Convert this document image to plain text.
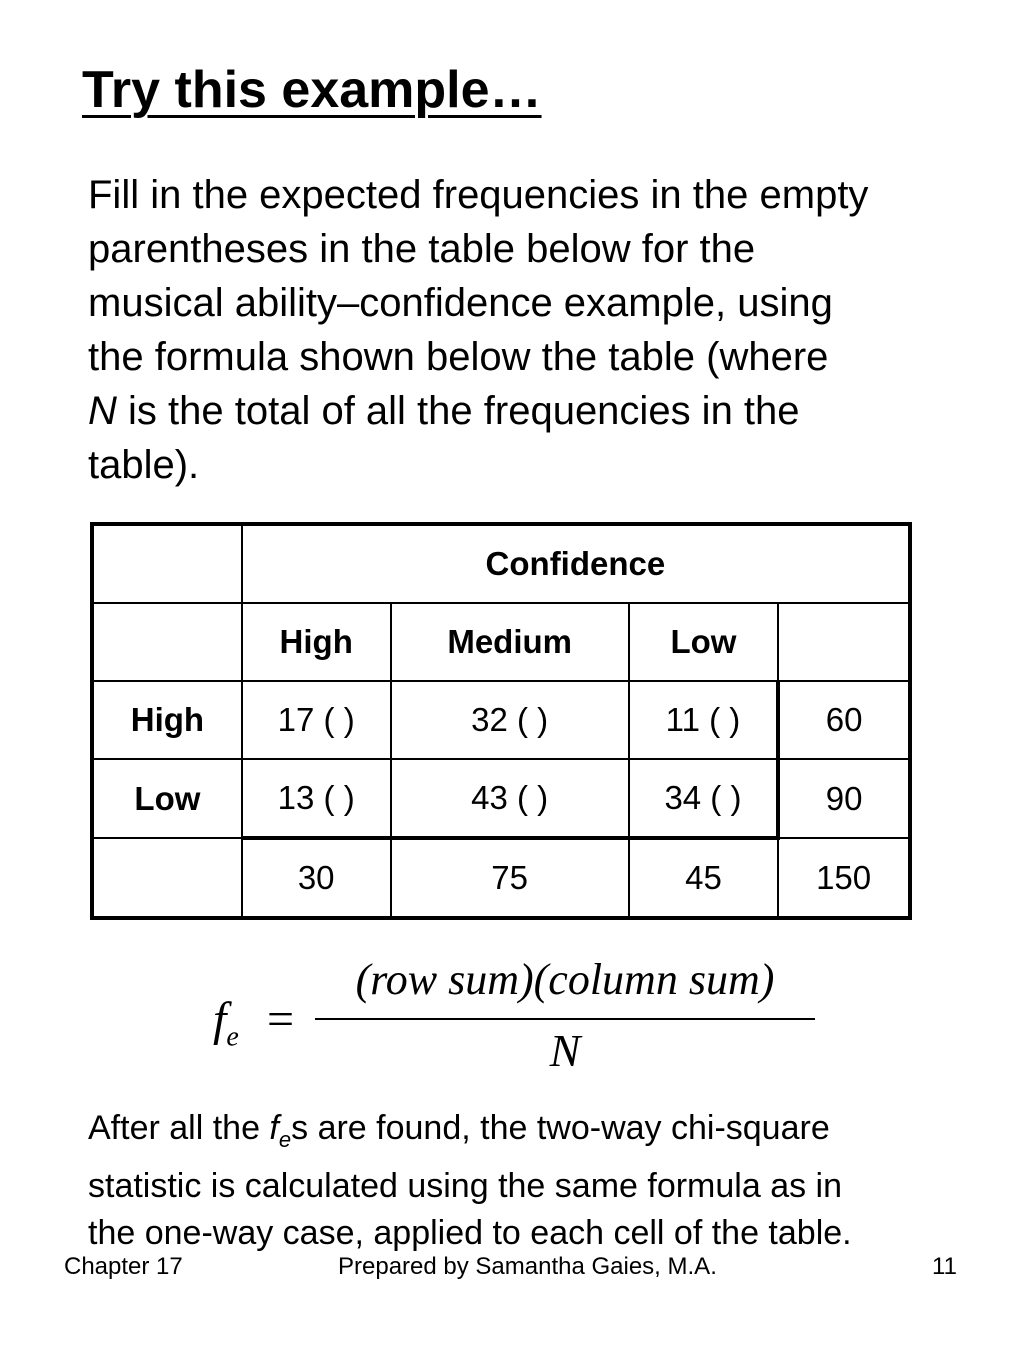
Try this example…
Fill in the expected frequencies in the empty
parentheses in the table below for the
musical ability–confidence example, using
the formula shown below the table (where
N is the total of all the frequencies in the
table).
	Confidence			
	High	Medium	Low	
High	17 ( )	32 ( )	11 ( )	60
Low	13 ( )	43 ( )	34 ( )	90
	30	75	45	150
$f_e$ =
(row sum)(column sum)
N
After all the $f_es$ are found, the two-way chi-square
statistic is calculated using the same formula as in
the one-way case, applied to each cell of the table.
Chapter 17	Prepared by Samantha Gaies, M.A.	11
